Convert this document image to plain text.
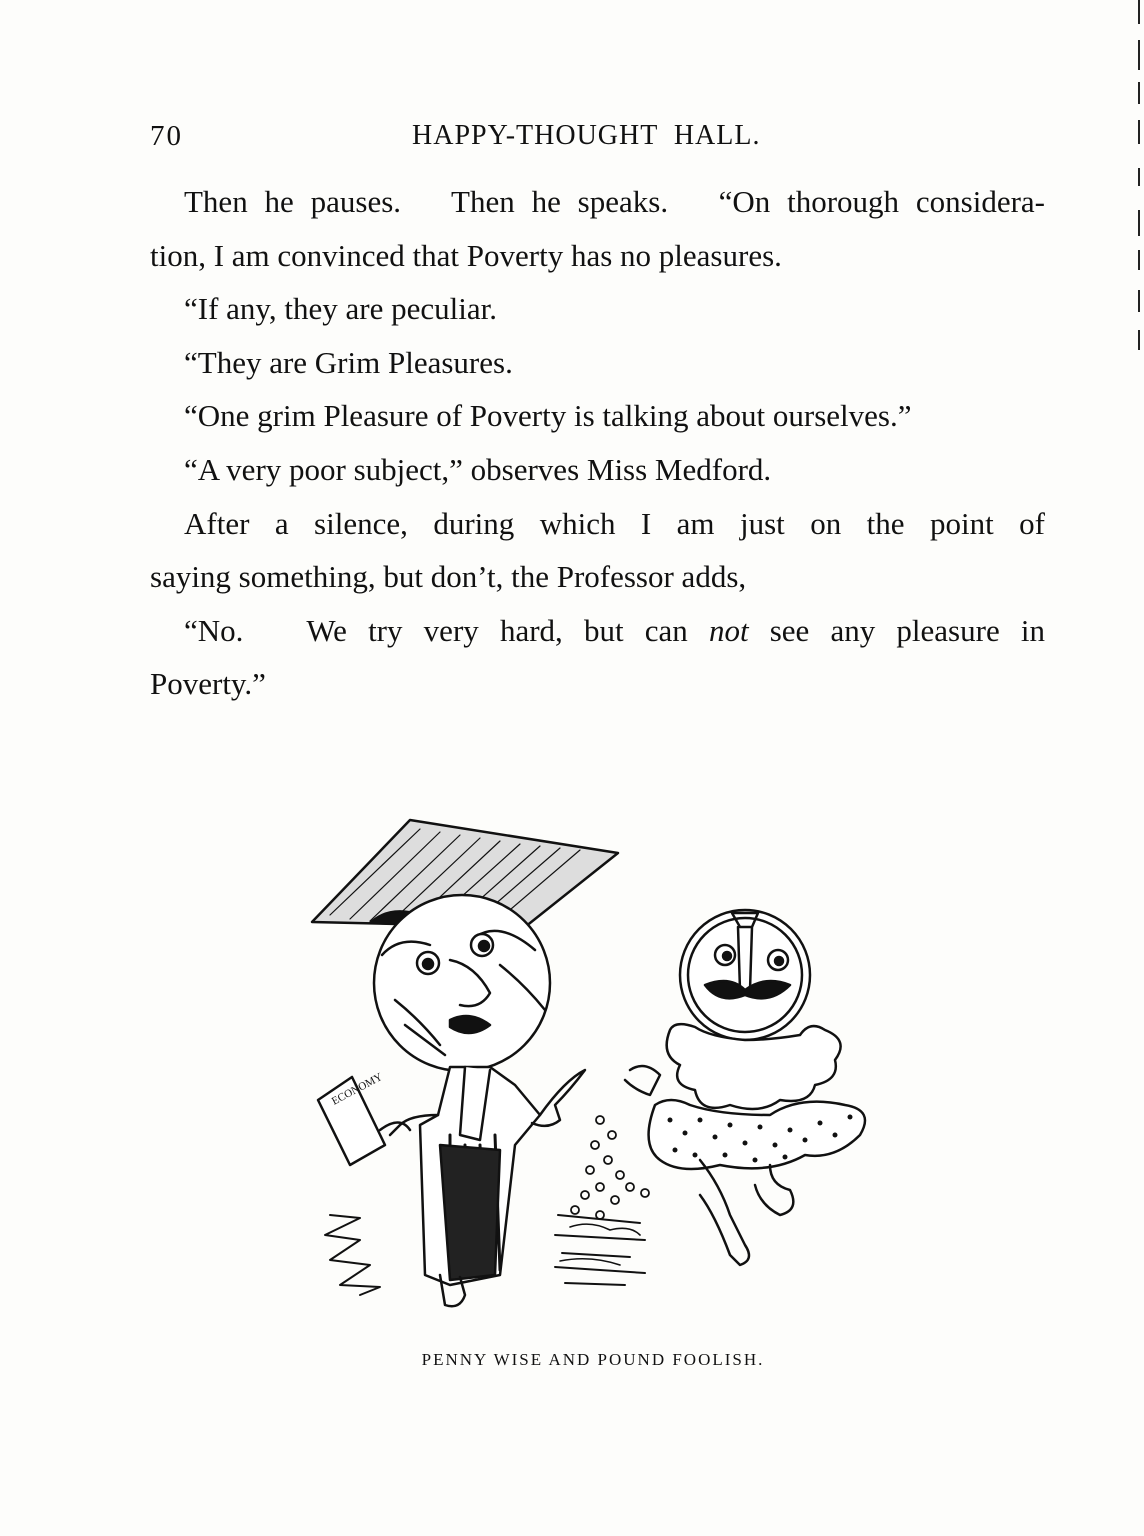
70	HAPPY-THOUGHT  HALL.

Then he pauses.   Then he speaks.   “On thorough considera-

tion, I am convinced that Poverty has no pleasures.

“If any, they are peculiar.

“They are Grim Pleasures.

“One grim Pleasure of Poverty is talking about ourselves.”

“A very poor subject,” observes Miss Medford.

After a silence, during which I am just on the point of

saying something, but don’t, the Professor adds,

“No.   We try very hard, but can not see any pleasure in

Poverty.”

ECONOMY
PENNY WISE AND POUND FOOLISH.
